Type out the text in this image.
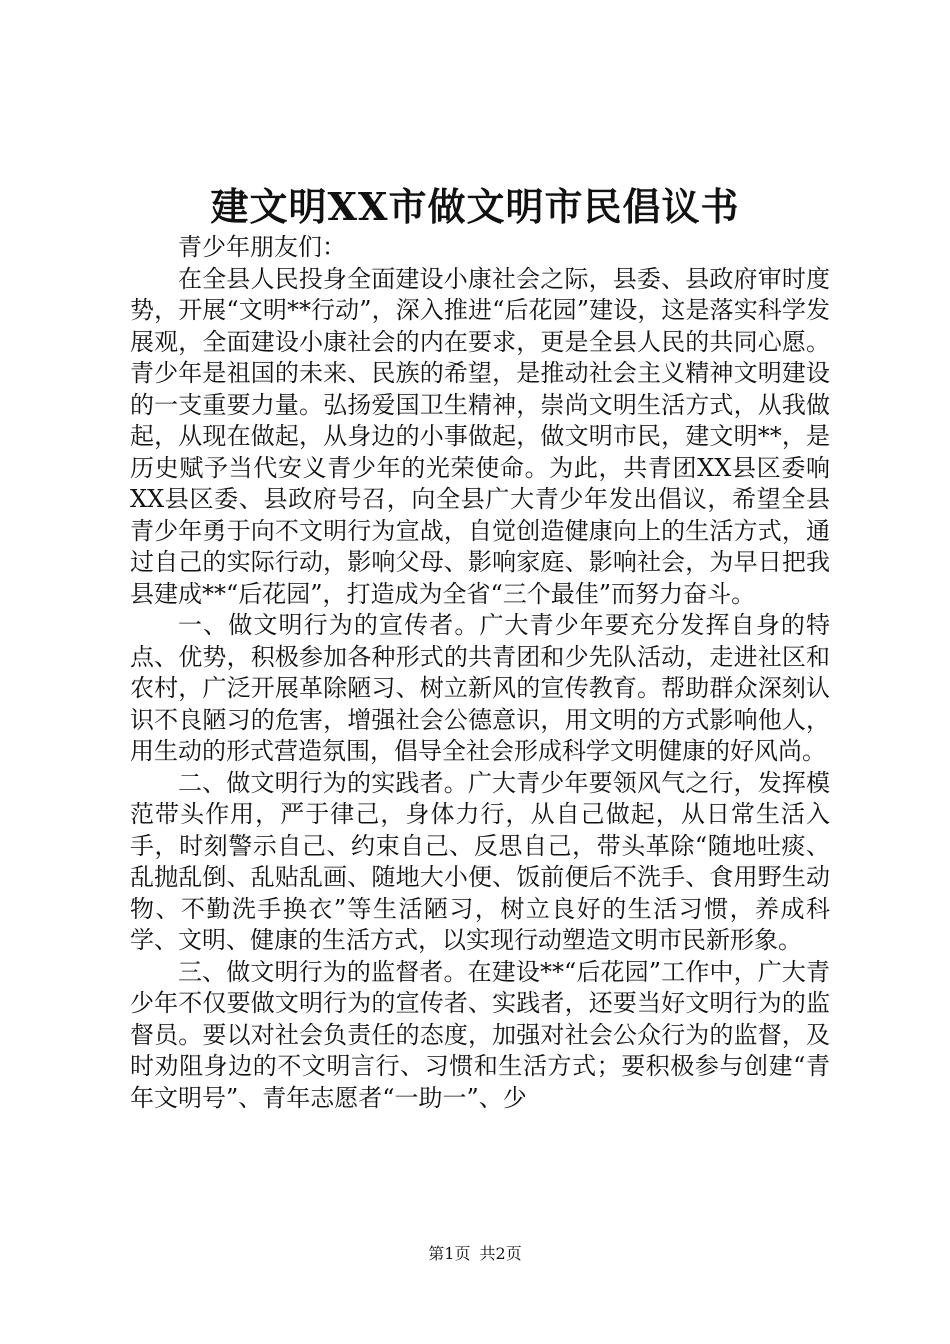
建文明XX市做文明市民倡议书

青少年朋友们：

在全县人民投身全面建设小康社会之际，县委、县政府审时度势，开展“文明**行动”，深入推进“后花园”建设，这是落实科学发展观，全面建设小康社会的内在要求，更是全县人民的共同心愿。青少年是祖国的未来、民族的希望，是推动社会主义精神文明建设的一支重要力量。弘扬爱国卫生精神，崇尚文明生活方式，从我做起，从现在做起，从身边的小事做起，做文明市民，建文明**，是历史赋予当代安义青少年的光荣使命。为此，共青团XX县区委响XX县区委、县政府号召，向全县广大青少年发出倡议，希望全县青少年勇于向不文明行为宣战，自觉创造健康向上的生活方式，通过自己的实际行动，影响父母、影响家庭、影响社会，为早日把我县建成**“后花园”，打造成为全省“三个最佳”而努力奋斗。

一、做文明行为的宣传者。广大青少年要充分发挥自身的特点、优势，积极参加各种形式的共青团和少先队活动，走进社区和农村，广泛开展革除陋习、树立新风的宣传教育。帮助群众深刻认识不良陋习的危害，增强社会公德意识，用文明的方式影响他人，用生动的形式营造氛围，倡导全社会形成科学文明健康的好风尚。

二、做文明行为的实践者。广大青少年要领风气之行，发挥模范带头作用，严于律己，身体力行，从自己做起，从日常生活入手，时刻警示自己、约束自己、反思自己，带头革除“随地吐痰、乱抛乱倒、乱贴乱画、随地大小便、饭前便后不洗手、食用野生动物、不勤洗手换衣”等生活陋习，树立良好的生活习惯，养成科学、文明、健康的生活方式，以实现行动塑造文明市民新形象。

三、做文明行为的监督者。在建设**“后花园”工作中，广大青少年不仅要做文明行为的宣传者、实践者，还要当好文明行为的监督员。要以对社会负责任的态度，加强对社会公众行为的监督，及时劝阻身边的不文明言行、习惯和生活方式；要积极参与创建“青年文明号”、青年志愿者“一助一”、少

第1页 共2页
